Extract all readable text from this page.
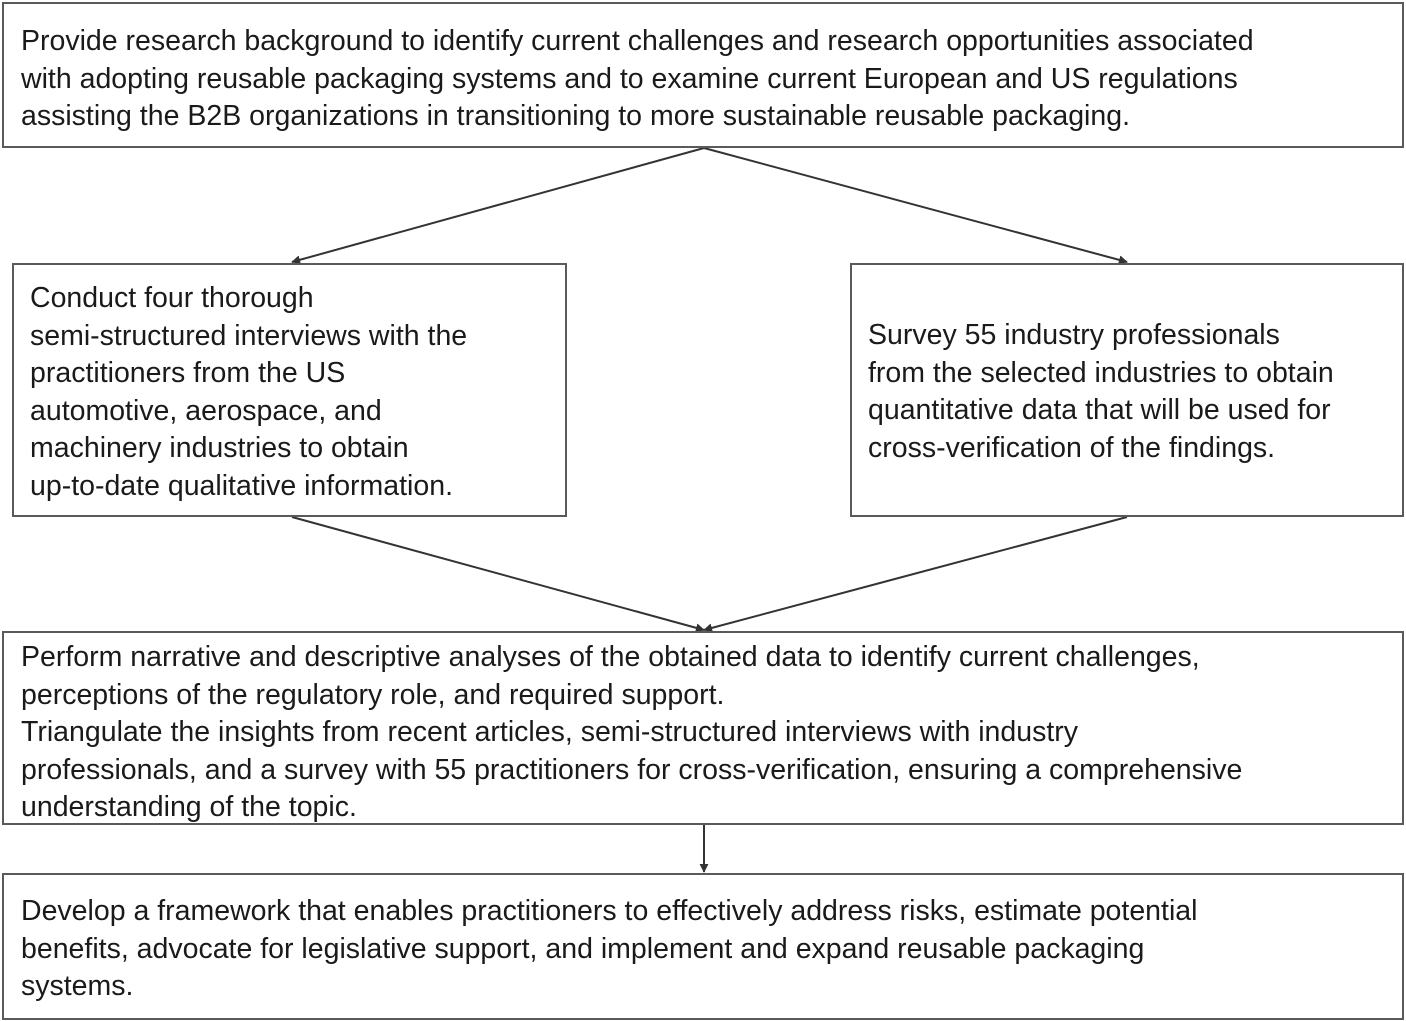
Provide research background to identify current challenges and research opportunities associated
with adopting reusable packaging systems and to examine current European and US regulations
assisting the B2B organizations in transitioning to more sustainable reusable packaging.
Conduct four thorough
semi-structured interviews with the
practitioners from the US
automotive, aerospace, and
machinery industries to obtain
up-to-date qualitative information.
Survey 55 industry professionals
from the selected industries to obtain
quantitative data that will be used for
cross-verification of the findings.
Perform narrative and descriptive analyses of the obtained data to identify current challenges,
perceptions of the regulatory role, and required support.
Triangulate the insights from recent articles, semi-structured interviews with industry
professionals, and a survey with 55 practitioners for cross-verification, ensuring a comprehensive
understanding of the topic.
Develop a framework that enables practitioners to effectively address risks, estimate potential
benefits, advocate for legislative support, and implement and expand reusable packaging
systems.
